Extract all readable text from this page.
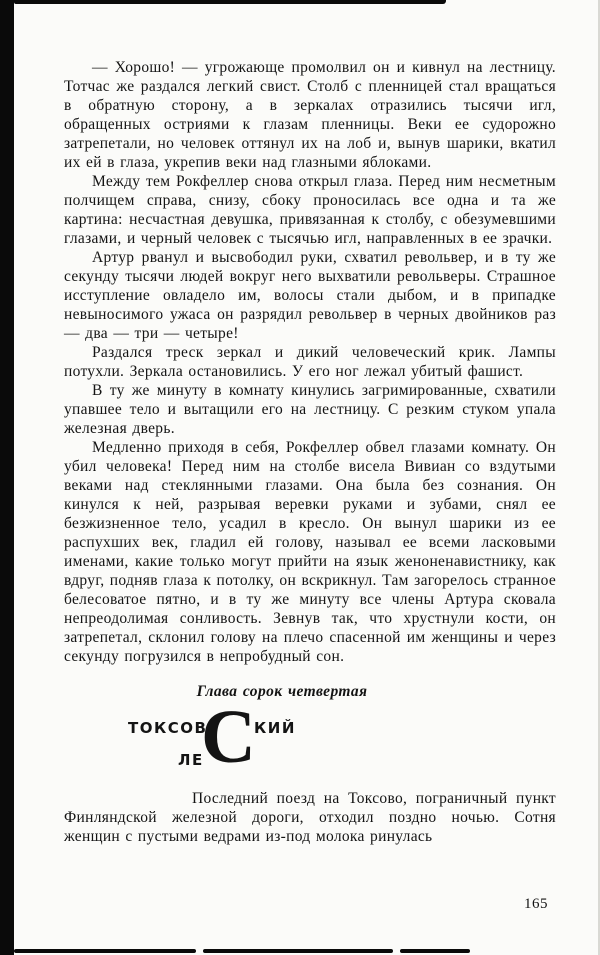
— Хорошо! — угрожающе промолвил он и кивнул на лестницу. Тотчас же раздался легкий свист. Столб с пленницей стал вращаться в обратную сторону, а в зеркалах отразились тысячи игл, обращенных остриями к глазам пленницы. Веки ее судорожно затрепетали, но человек оттянул их на лоб и, вынув шарики, вкатил их ей в глаза, укрепив веки над глазными яблоками.

Между тем Рокфеллер снова открыл глаза. Перед ним несметным полчищем справа, снизу, сбоку проносилась все одна и та же картина: несчастная девушка, привязанная к столбу, с обезумевшими глазами, и черный человек с тысячью игл, направленных в ее зрачки.

Артур рванул и высвободил руки, схватил револьвер, и в ту же секунду тысячи людей вокруг него выхватили револьверы. Страшное исступление овладело им, волосы стали дыбом, и в припадке невыносимого ужаса он разрядил револьвер в черных двойников раз — два — три — четыре!

Раздался треск зеркал и дикий человеческий крик. Лампы потухли. Зеркала остановились. У его ног лежал убитый фашист.

В ту же минуту в комнату кинулись загримированные, схватили упавшее тело и вытащили его на лестницу. С резким стуком упала железная дверь.

Медленно приходя в себя, Рокфеллер обвел глазами комнату. Он убил человека! Перед ним на столбе висела Вивиан со вздутыми веками над стеклянными глазами. Она была без сознания. Он кинулся к ней, разрывая веревки руками и зубами, снял ее безжизненное тело, усадил в кресло. Он вынул шарики из ее распухших век, гладил ей голову, называл ее всеми ласковыми именами, какие только могут прийти на язык женоненавистнику, как вдруг, подняв глаза к потолку, он вскрикнул. Там загорелось странное белесоватое пятно, и в ту же минуту все члены Артура сковала непреодолимая сонливость. Зевнув так, что хрустнули кости, он затрепетал, склонил голову на плечо спасенной им женщины и через секунду погрузился в непробудный сон.

Глава сорок четвертая
ТОКСОВ
С
КИЙ
ЛЕ

Последний поезд на Токсово, пограничный пункт Финляндской железной дороги, отходил поздно ночью. Сотня женщин с пустыми ведрами из-под молока ринулась

165
